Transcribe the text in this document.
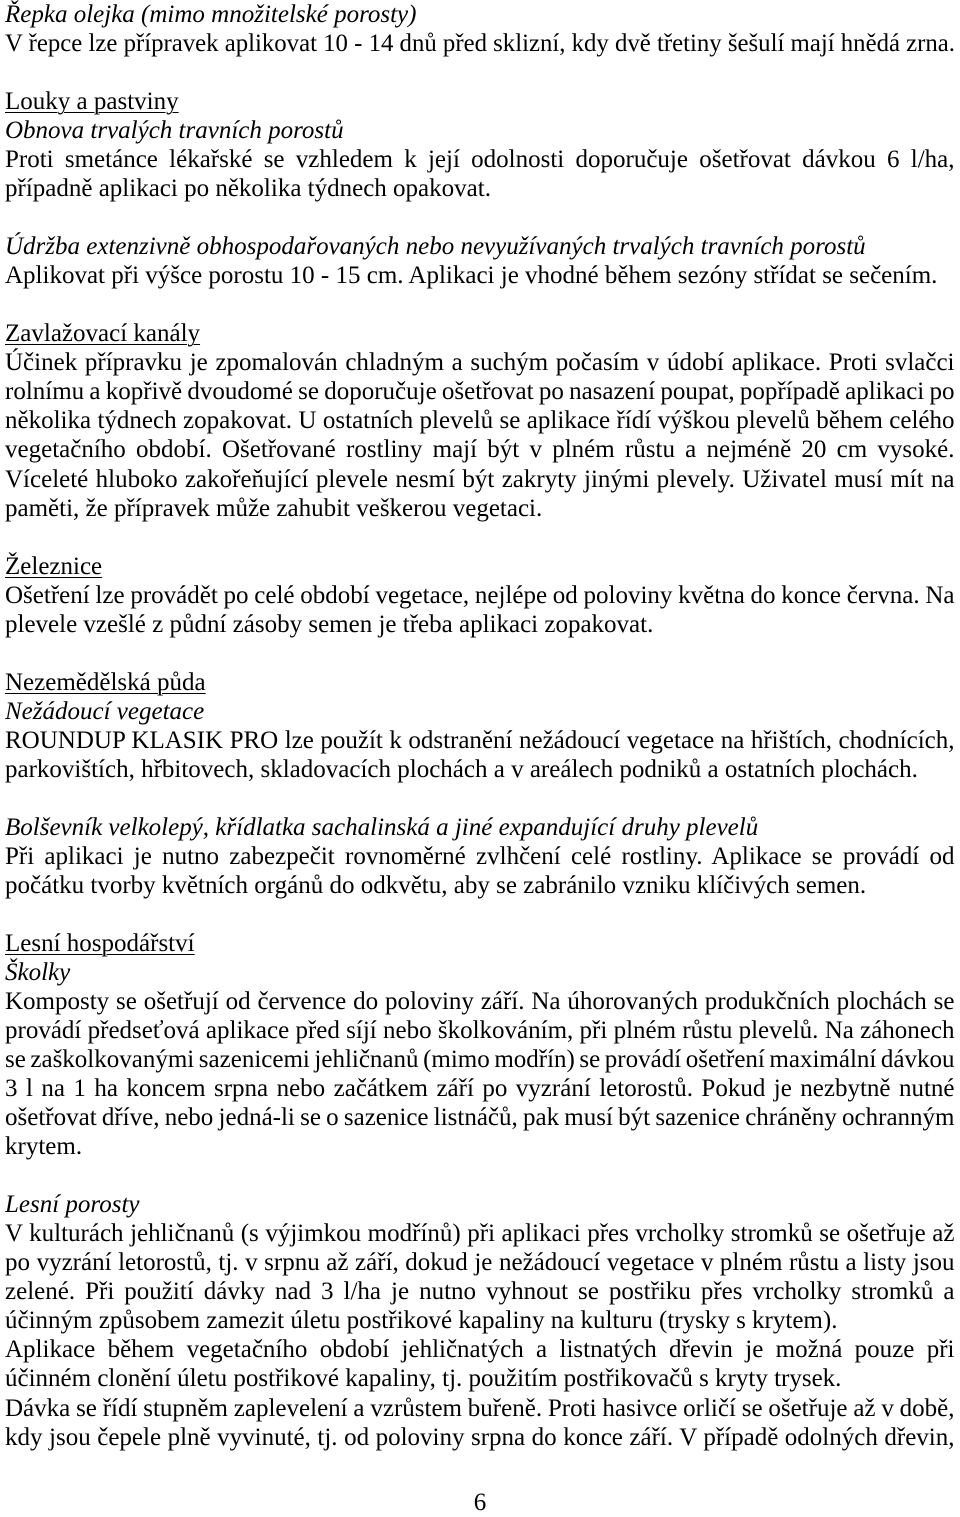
Řepka olejka (mimo množitelské porosty)
V řepce lze přípravek aplikovat 10 - 14 dnů před sklizní, kdy dvě třetiny šešulí mají hnědá zrna.
Louky a pastviny
Obnova trvalých travních porostů
Proti smetánce lékařské se vzhledem k její odolnosti doporučuje ošetřovat dávkou 6 l/ha,
případně aplikaci po několika týdnech opakovat.
Údržba extenzivně obhospodařovaných nebo nevyužívaných trvalých travních porostů
Aplikovat při výšce porostu 10 - 15 cm. Aplikaci je vhodné během sezóny střídat se sečením.
Zavlažovací kanály
Účinek přípravku je zpomalován chladným a suchým počasím v údobí aplikace. Proti svlačci
rolnímu a kopřivě dvoudomé se doporučuje ošetřovat po nasazení poupat, popřípadě aplikaci po
několika týdnech zopakovat. U ostatních plevelů se aplikace řídí výškou plevelů během celého
vegetačního období. Ošetřované rostliny mají být v plném růstu a nejméně 20 cm vysoké.
Víceleté hluboko zakořeňující plevele nesmí být zakryty jinými plevely. Uživatel musí mít na
paměti, že přípravek může zahubit veškerou vegetaci.
Železnice
Ošetření lze provádět po celé období vegetace, nejlépe od poloviny května do konce června. Na
plevele vzešlé z půdní zásoby semen je třeba aplikaci zopakovat.
Nezemědělská půda
Nežádoucí vegetace
ROUNDUP KLASIK PRO lze použít k odstranění nežádoucí vegetace na hřištích, chodnících,
parkovištích, hřbitovech, skladovacích plochách a v areálech podniků a ostatních plochách.
Bolševník velkolepý, křídlatka sachalinská a jiné expandující druhy plevelů
Při aplikaci je nutno zabezpečit rovnoměrné zvlhčení celé rostliny. Aplikace se provádí od
počátku tvorby květních orgánů do odkvětu, aby se zabránilo vzniku klíčivých semen.
Lesní hospodářství
Školky
Komposty se ošetřují od července do poloviny září. Na úhorovaných produkčních plochách se
provádí předseťová aplikace před síjí nebo školkováním, při plném růstu plevelů. Na záhonech
se zaškolkovanými sazenicemi jehličnanů (mimo modřín) se provádí ošetření maximální dávkou
3 l na 1 ha koncem srpna nebo začátkem září po vyzrání letorostů. Pokud je nezbytně nutné
ošetřovat dříve, nebo jedná-li se o sazenice listnáčů, pak musí být sazenice chráněny ochranným
krytem.
Lesní porosty
V kulturách jehličnanů (s výjimkou modřínů) při aplikaci přes vrcholky stromků se ošetřuje až
po vyzrání letorostů, tj. v srpnu až září, dokud je nežádoucí vegetace v plném růstu a listy jsou
zelené. Při použití dávky nad 3 l/ha je nutno vyhnout se postřiku přes vrcholky stromků a
účinným způsobem zamezit úletu postřikové kapaliny na kulturu (trysky s krytem).
Aplikace během vegetačního období jehličnatých a listnatých dřevin je možná pouze při
účinném clonění úletu postřikové kapaliny, tj. použitím postřikovačů s kryty trysek.
Dávka se řídí stupněm zaplevelení a vzrůstem buřeně. Proti hasivce orličí se ošetřuje až v době,
kdy jsou čepele plně vyvinuté, tj. od poloviny srpna do konce září. V případě odolných dřevin,
6
